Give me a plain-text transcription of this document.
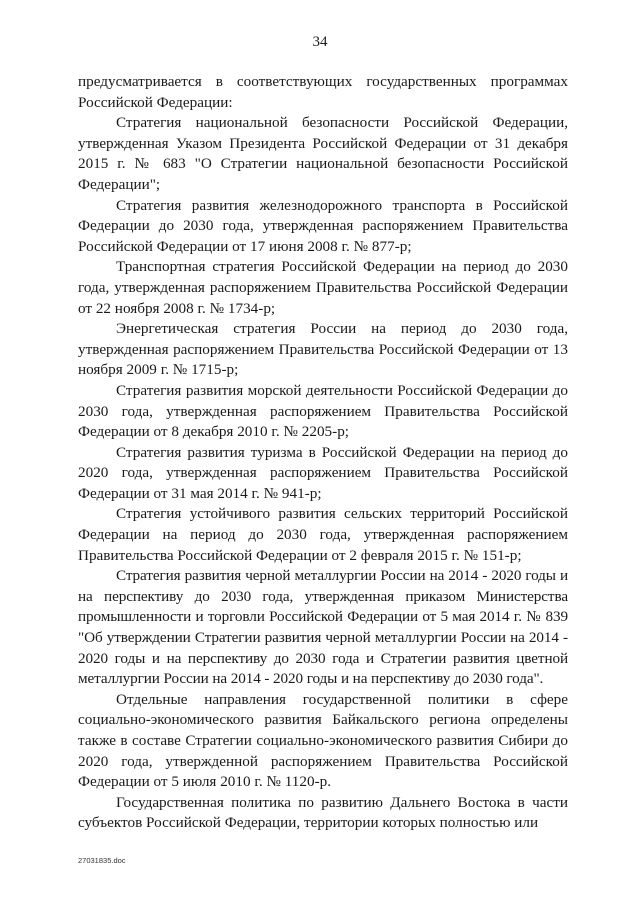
34

предусматривается в соответствующих государственных программах Российской Федерации:

Стратегия национальной безопасности Российской Федерации, утвержденная Указом Президента Российской Федерации от 31 декабря 2015 г. № 683 "О Стратегии национальной безопасности Российской Федерации";

Стратегия развития железнодорожного транспорта в Российской Федерации до 2030 года, утвержденная распоряжением Правительства Российской Федерации от 17 июня 2008 г. № 877-р;

Транспортная стратегия Российской Федерации на период до 2030 года, утвержденная распоряжением Правительства Российской Федерации от 22 ноября 2008 г. № 1734-р;

Энергетическая стратегия России на период до 2030 года, утвержденная распоряжением Правительства Российской Федерации от 13 ноября 2009 г. № 1715-р;

Стратегия развития морской деятельности Российской Федерации до 2030 года, утвержденная распоряжением Правительства Российской Федерации от 8 декабря 2010 г. № 2205-р;

Стратегия развития туризма в Российской Федерации на период до 2020 года, утвержденная распоряжением Правительства Российской Федерации от 31 мая 2014 г. № 941-р;

Стратегия устойчивого развития сельских территорий Российской Федерации на период до 2030 года, утвержденная распоряжением Правительства Российской Федерации от 2 февраля 2015 г. № 151-р;

Стратегия развития черной металлургии России на 2014 - 2020 годы и на перспективу до 2030 года, утвержденная приказом Министерства промышленности и торговли Российской Федерации от 5 мая 2014 г. № 839 "Об утверждении Стратегии развития черной металлургии России на 2014 - 2020 годы и на перспективу до 2030 года и Стратегии развития цветной металлургии России на 2014 - 2020 годы и на перспективу до 2030 года".

Отдельные направления государственной политики в сфере социально-экономического развития Байкальского региона определены также в составе Стратегии социально-экономического развития Сибири до 2020 года, утвержденной распоряжением Правительства Российской Федерации от 5 июля 2010 г. № 1120-р.

Государственная политика по развитию Дальнего Востока в части субъектов Российской Федерации, территории которых полностью или

27031835.doc
